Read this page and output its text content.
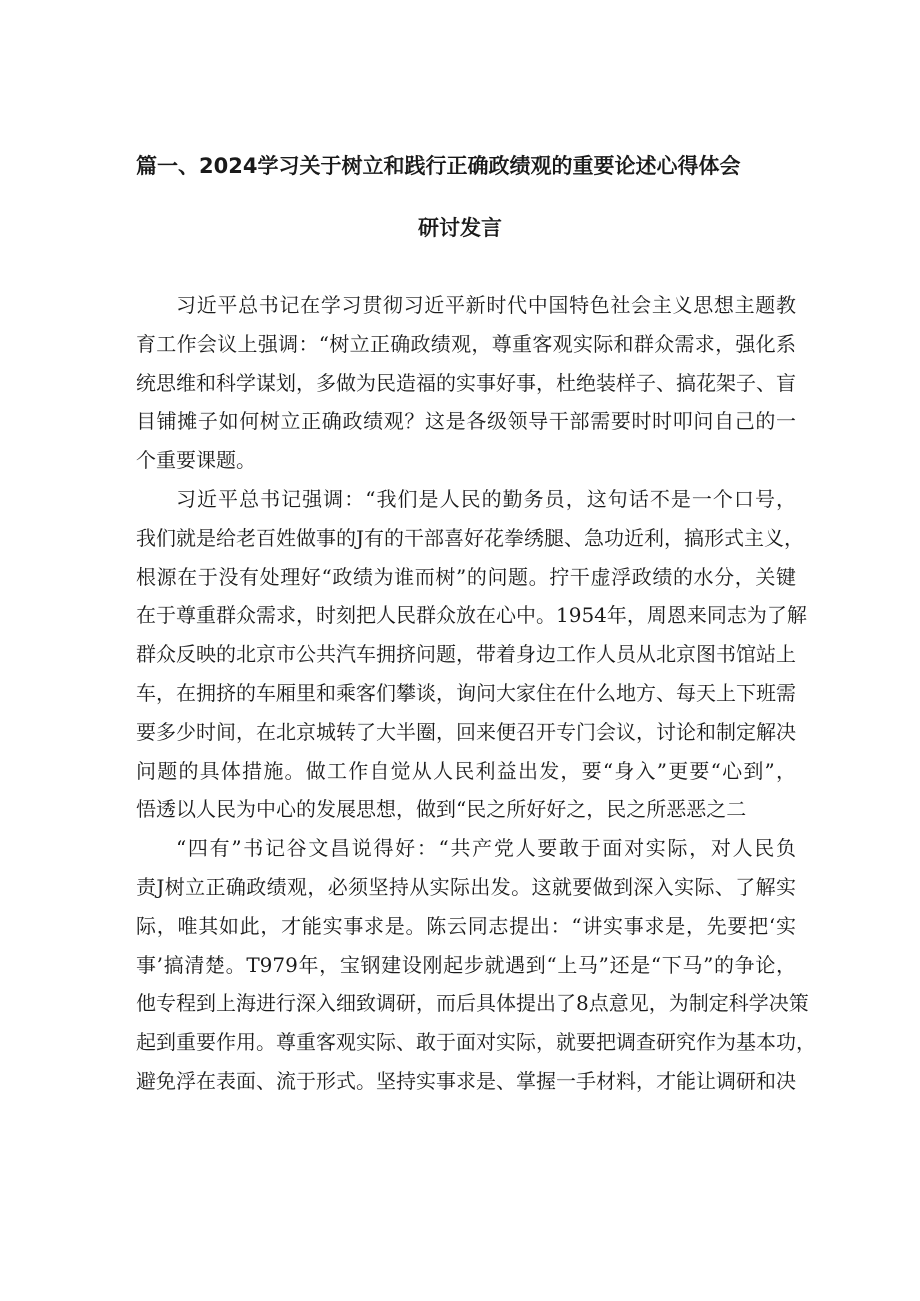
篇一、2024学习关于树立和践行正确政绩观的重要论述心得体会
研讨发言
习近平总书记在学习贯彻习近平新时代中国特色社会主义思想主题教
育工作会议上强调：“树立正确政绩观，尊重客观实际和群众需求，强化系
统思维和科学谋划，多做为民造福的实事好事，杜绝装样子、搞花架子、盲
目铺摊子如何树立正确政绩观？这是各级领导干部需要时时叩问自己的一
个重要课题。
习近平总书记强调：“我们是人民的勤务员，这句话不是一个口号，
我们就是给老百姓做事的J有的干部喜好花拳绣腿、急功近利，搞形式主义，
根源在于没有处理好“政绩为谁而树”的问题。拧干虚浮政绩的水分，关键
在于尊重群众需求，时刻把人民群众放在心中。1954年，周恩来同志为了解
群众反映的北京市公共汽车拥挤问题，带着身边工作人员从北京图书馆站上
车，在拥挤的车厢里和乘客们攀谈，询问大家住在什么地方、每天上下班需
要多少时间，在北京城转了大半圈，回来便召开专门会议，讨论和制定解决
问题的具体措施。做工作自觉从人民利益出发，要“身入”更要“心到”，
悟透以人民为中心的发展思想，做到“民之所好好之，民之所恶恶之二
“四有”书记谷文昌说得好：“共产党人要敢于面对实际，对人民负
责J树立正确政绩观，必须坚持从实际出发。这就要做到深入实际、了解实
际，唯其如此，才能实事求是。陈云同志提出：“讲实事求是，先要把‘实
事’搞清楚。T979年，宝钢建设刚起步就遇到“上马”还是“下马”的争论，
他专程到上海进行深入细致调研，而后具体提出了8点意见，为制定科学决策
起到重要作用。尊重客观实际、敢于面对实际，就要把调查研究作为基本功，
避免浮在表面、流于形式。坚持实事求是、掌握一手材料，才能让调研和决
